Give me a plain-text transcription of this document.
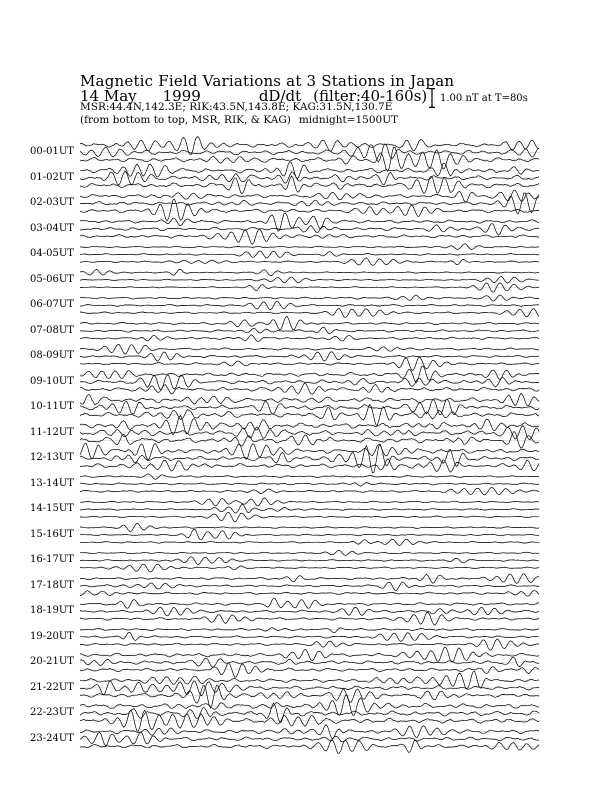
Magnetic Field Variations at 3 Stations in Japan
14 May 1999	dD/dt (filter:40-160s)
MSR:44.4N,142.3E; RIK:43.5N,143.8E; KAG:31.5N,130.7E
(from bottom to top, MSR, RIK, & KAG) midnight=1500UT
1.00 nT at T=80s
00-01UT
01-02UT
02-03UT
03-04UT
04-05UT
05-06UT
06-07UT
07-08UT
08-09UT
09-10UT
10-11UT
11-12UT
12-13UT
13-14UT
14-15UT
15-16UT
16-17UT
17-18UT
18-19UT
19-20UT
20-21UT
21-22UT
22-23UT
23-24UT
